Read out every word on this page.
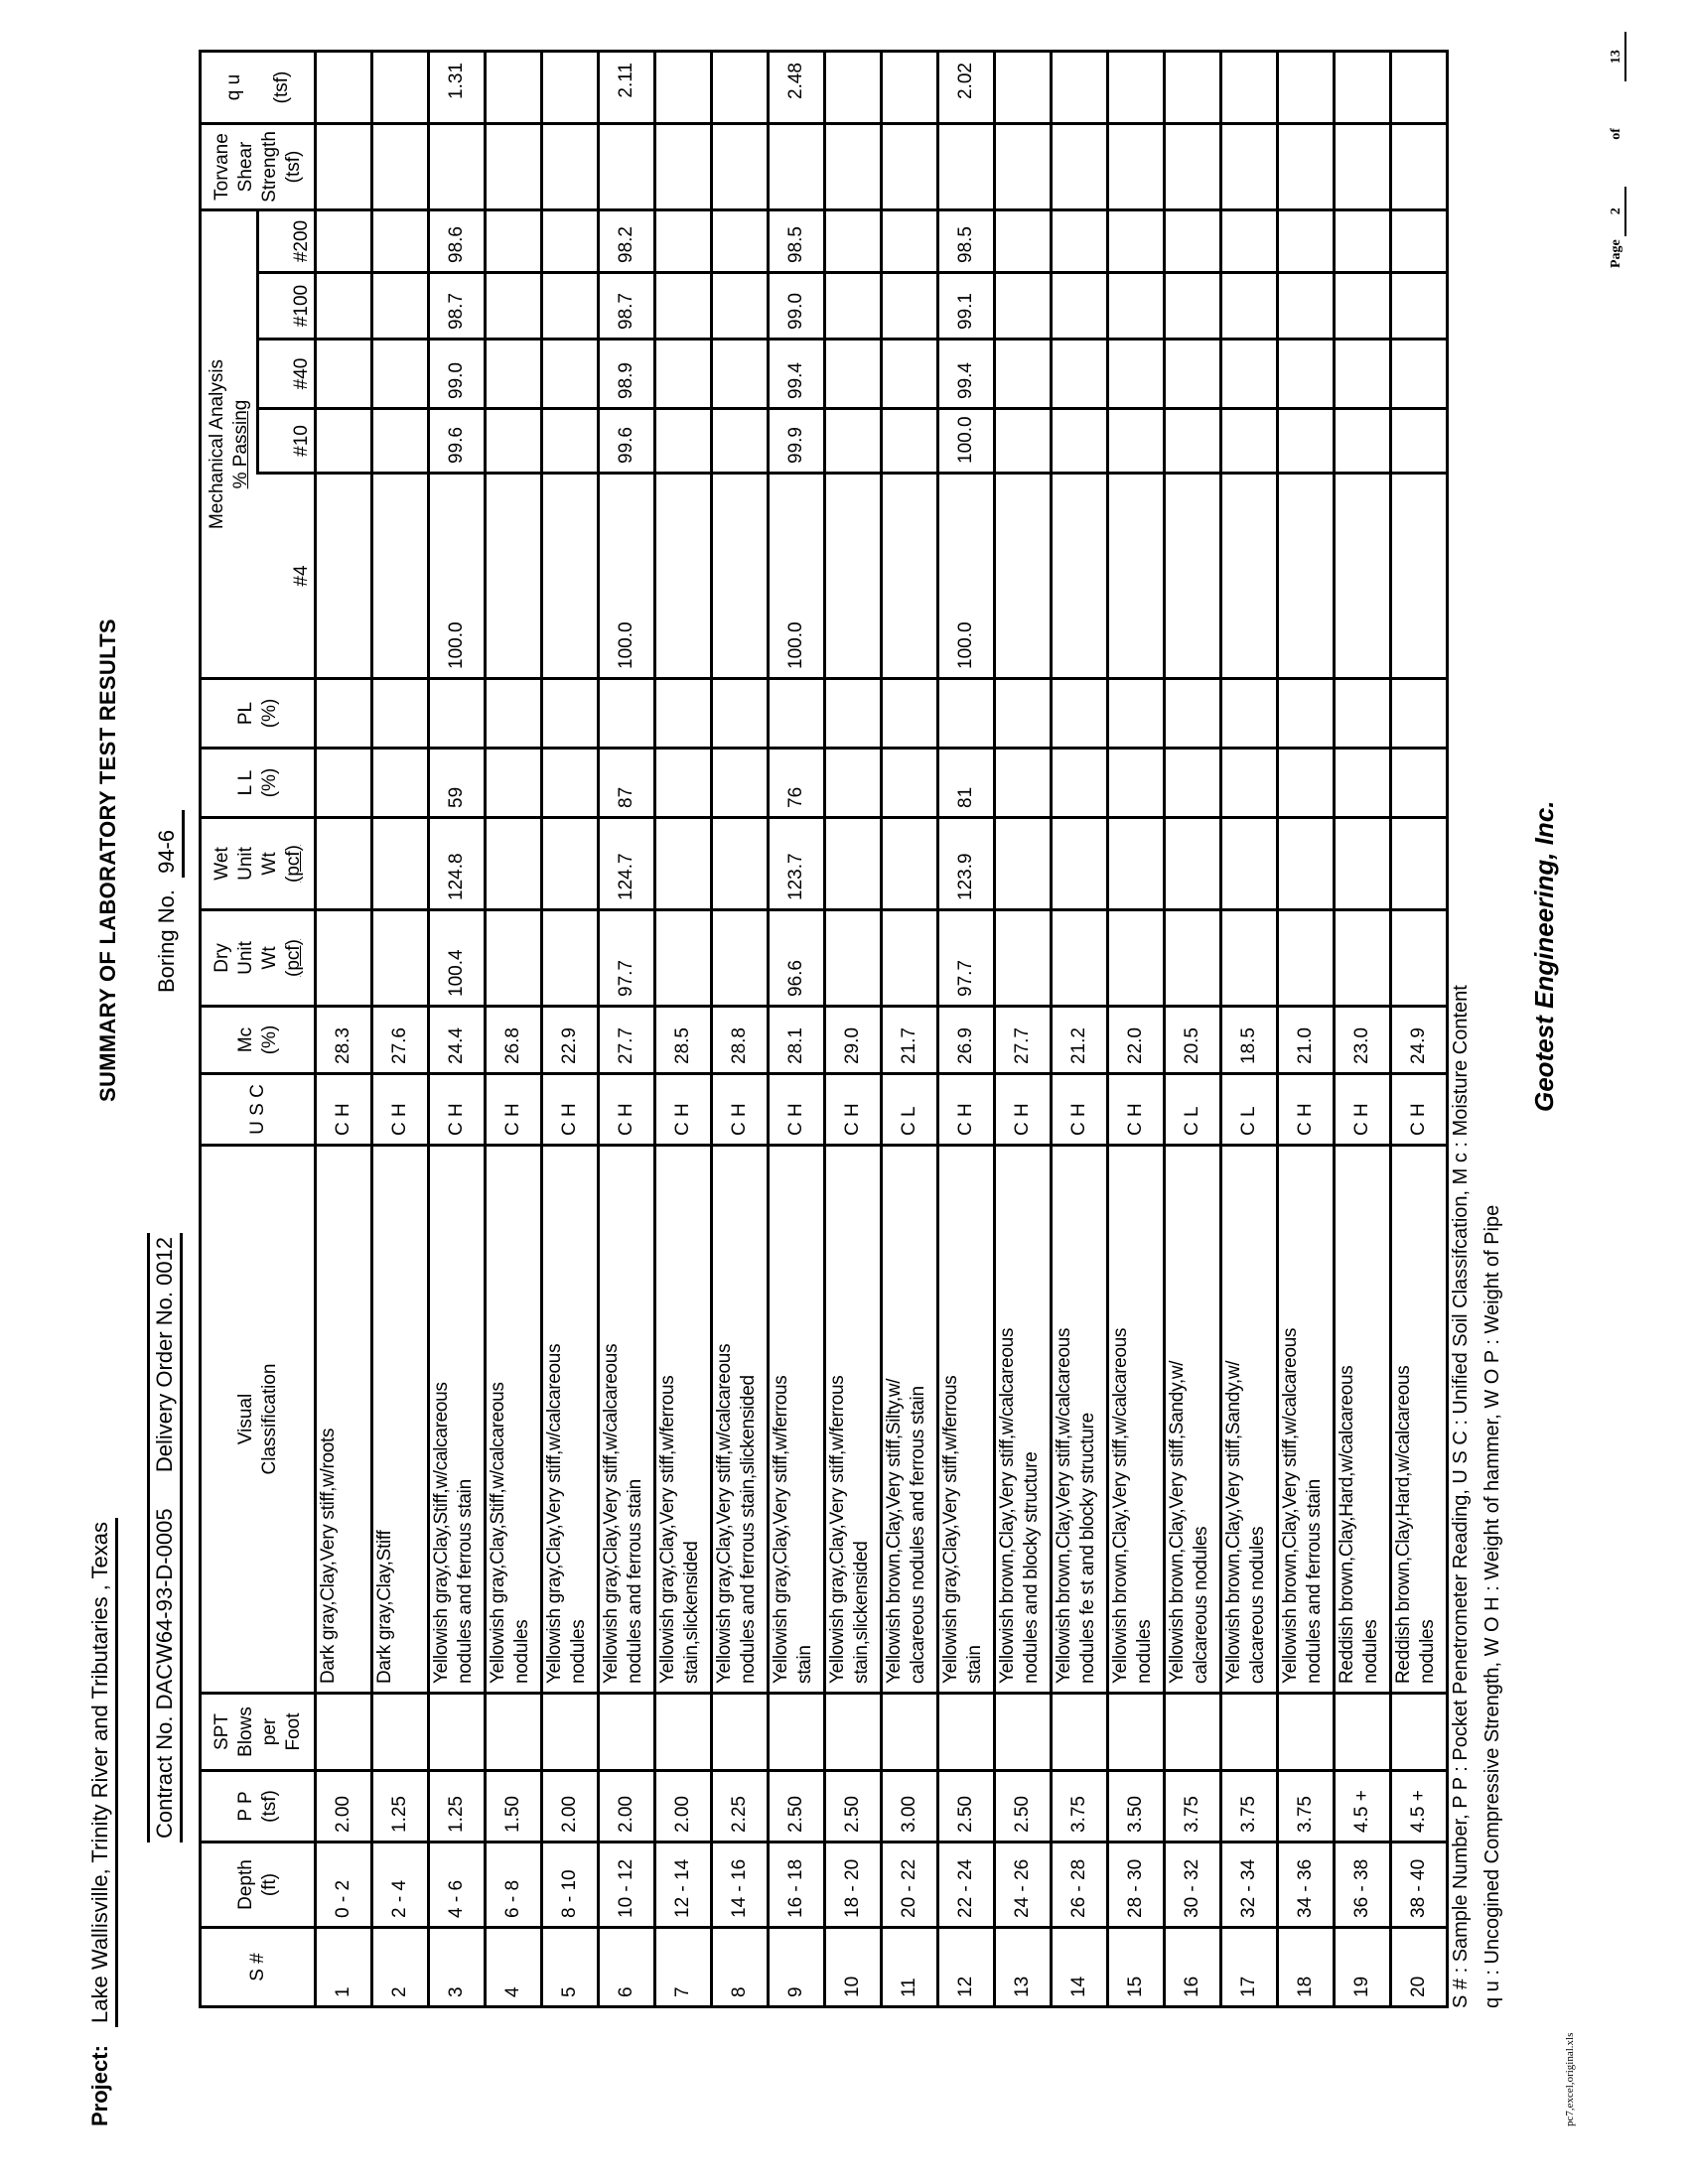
Project: Lake Wallisville, Trinity River and Tributaries , Texas Contract No. DACW64-93-D-0005  Delivery Order No. 0012
SUMMARY OF LABORATORY TEST RESULTS Boring No. 94-6
S #	Depth (ft)	P P (tsf)	SPT Blows per Foot	Visual Classification	U S C	Mc (%)	Dry Unit Wt (pcf)	Wet Unit Wt (pcf)	L L (%)	PL (%)	Mechanical Analysis % Passing					Torvane Shear Strength (tsf)	q u (tsf)
											#4	#10	#40	#100	#200		
1	0 - 2	2.00		Dark gray,Clay,Very stiff,w/roots	C H	28.3											
2	2 - 4	1.25		Dark gray,Clay,Stiff	C H	27.6											
3	4 - 6	1.25		Yellowish gray,Clay,Stiff,w/calcareous nodules and ferrous stain	C H	24.4	100.4	124.8	59		100.0	99.6	99.0	98.7	98.6		1.31
4	6 - 8	1.50		Yellowish gray,Clay,Stiff,w/calcareous nodules	C H	26.8											
5	8 - 10	2.00		Yellowish gray,Clay,Very stiff,w/calcareous nodules	C H	22.9											
6	10 - 12	2.00		Yellowish gray,Clay,Very stiff,w/calcareous nodules and ferrous stain	C H	27.7	97.7	124.7	87		100.0	99.6	98.9	98.7	98.2		2.11
7	12 - 14	2.00		Yellowish gray,Clay,Very stiff,w/ferrous stain,slickensided	C H	28.5											
8	14 - 16	2.25		Yellowish gray,Clay,Very stiff,w/calcareous nodules and ferrous stain,slickensided	C H	28.8											
9	16 - 18	2.50		Yellowish gray,Clay,Very stiff,w/ferrous stain	C H	28.1	96.6	123.7	76		100.0	99.9	99.4	99.0	98.5		2.48
10	18 - 20	2.50		Yellowish gray,Clay,Very stiff,w/ferrous stain,slickensided	C H	29.0											
11	20 - 22	3.00		Yellowish brown,Clay,Very stiff,Silty,w/ calcareous nodules and ferrous stain	C L	21.7											
12	22 - 24	2.50		Yellowish gray,Clay,Very stiff,w/ferrous stain	C H	26.9	97.7	123.9	81		100.0	100.0	99.4	99.1	98.5		2.02
13	24 - 26	2.50		Yellowish brown,Clay,Very stiff,w/calcareous nodules and blocky structure	C H	27.7											
14	26 - 28	3.75		Yellowish brown,Clay,Very stiff,w/calcareous nodules fe st and blocky structure	C H	21.2											
15	28 - 30	3.50		Yellowish brown,Clay,Very stiff,w/calcareous nodules	C H	22.0											
16	30 - 32	3.75		Yellowish brown,Clay,Very stiff,Sandy,w/ calcareous nodules	C L	20.5											
17	32 - 34	3.75		Yellowish brown,Clay,Very stiff,Sandy,w/ calcareous nodules	C L	18.5											
18	34 - 36	3.75		Yellowish brown,Clay,Very stiff,w/calcareous nodules and ferrous stain	C H	21.0											
19	36 - 38	4.5 +		Reddish brown,Clay,Hard,w/calcareous nodules	C H	23.0											
20	38 - 40	4.5 +		Reddish brown,Clay,Hard,w/calcareous nodules	C H	24.9											S # : Sample Number, P P : Pocket Penetrometer Reading, U S C : Unified Soil Classifcation, M c : Moisture Content q u : Uncogined Compressive Strength, W O H : Weight of hammer, W O P : Weight of Pipe
Geotest Engineering, Inc.
pc7,excel,original.xls
Page 2  of  13
